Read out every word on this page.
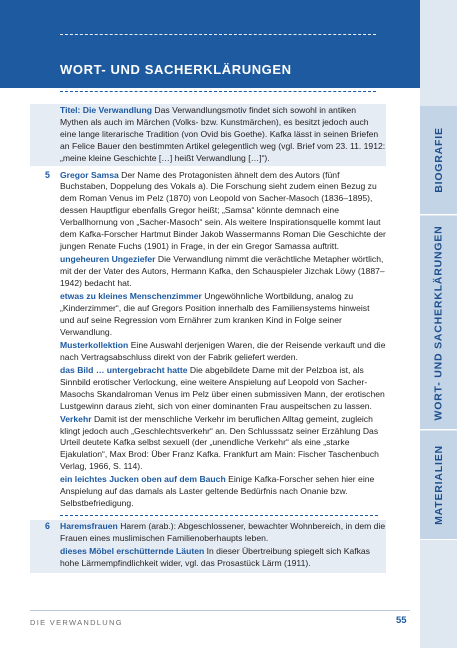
WORT- UND SACHERKLÄRUNGEN
BIOGRAFIE
WORT- UND SACHERKLÄRUNGEN
MATERIALIEN

Titel: Die Verwandlung Das Verwandlungsmotiv findet sich sowohl in antiken Mythen als auch im Märchen (Volks- bzw. Kunstmärchen), es besitzt jedoch auch eine lange literarische Tradition (von Ovid bis Goethe). Kafka lässt in seinen Briefen an Felice Bauer den bestimmten Artikel gelegentlich weg (vgl. Brief vom 23. 11. 1912: „meine kleine Geschichte […] heißt Verwandlung […]“).

5 Gregor Samsa Der Name des Protagonisten ähnelt dem des Autors (fünf Buchstaben, Doppelung des Vokals a). Die Forschung sieht zudem einen Bezug zu dem Roman Venus im Pelz (1870) von Leopold von Sacher-Masoch (1836–1895), dessen Hauptfigur ebenfalls Gregor heißt; „Samsa“ könnte demnach eine Verballhornung von „Sacher-Masoch“ sein. Als weitere Inspirationsquelle kommt laut dem Kafka-Forscher Hartmut Binder Jakob Wassermanns Roman Die Geschichte der jungen Renate Fuchs (1901) in Frage, in der ein Gregor Samassa auftritt.

ungeheuren Ungeziefer Die Verwandlung nimmt die verächtliche Metapher wörtlich, mit der der Vater des Autors, Hermann Kafka, den Schauspieler Jizchak Löwy (1887–1942) bedacht hat.

etwas zu kleines Menschenzimmer Ungewöhnliche Wortbildung, analog zu „Kinderzimmer“, die auf Gregors Position innerhalb des Familiensystems hinweist und auf seine Regression vom Ernährer zum kranken Kind in Folge seiner Verwandlung.

Musterkollektion Eine Auswahl derjenigen Waren, die der Reisende verkauft und die nach Vertragsabschluss direkt von der Fabrik geliefert werden.

das Bild … untergebracht hatte Die abgebildete Dame mit der Pelzboa ist, als Sinnbild erotischer Verlockung, eine weitere Anspielung auf Leopold von Sacher-Masochs Skandalroman Venus im Pelz über einen submissiven Mann, der erotischen Lustgewinn daraus zieht, sich von einer dominanten Frau auspeitschen zu lassen.

Verkehr Damit ist der menschliche Verkehr im beruflichen Alltag gemeint, zugleich klingt jedoch auch „Geschlechtsverkehr“ an. Den Schlusssatz seiner Erzählung Das Urteil deutete Kafka selbst sexuell (der „unendliche Verkehr“ als eine „starke Ejakulation“, Max Brod: Über Franz Kafka. Frankfurt am Main: Fischer Taschenbuch Verlag, 1966, S. 114).

ein leichtes Jucken oben auf dem Bauch Einige Kafka-Forscher sehen hier eine Anspielung auf das damals als Laster geltende Bedürfnis nach Onanie bzw. Selbstbefriedigung.

6 Haremsfrauen Harem (arab.): Abgeschlossener, bewachter Wohnbereich, in dem die Frauen eines muslimischen Familienoberhaupts leben.

dieses Möbel erschütternde Läuten In dieser Übertreibung spiegelt sich Kafkas hohe Lärmempfindlichkeit wider, vgl. das Prosastück Lärm (1911).

DIE VERWANDLUNG	55
